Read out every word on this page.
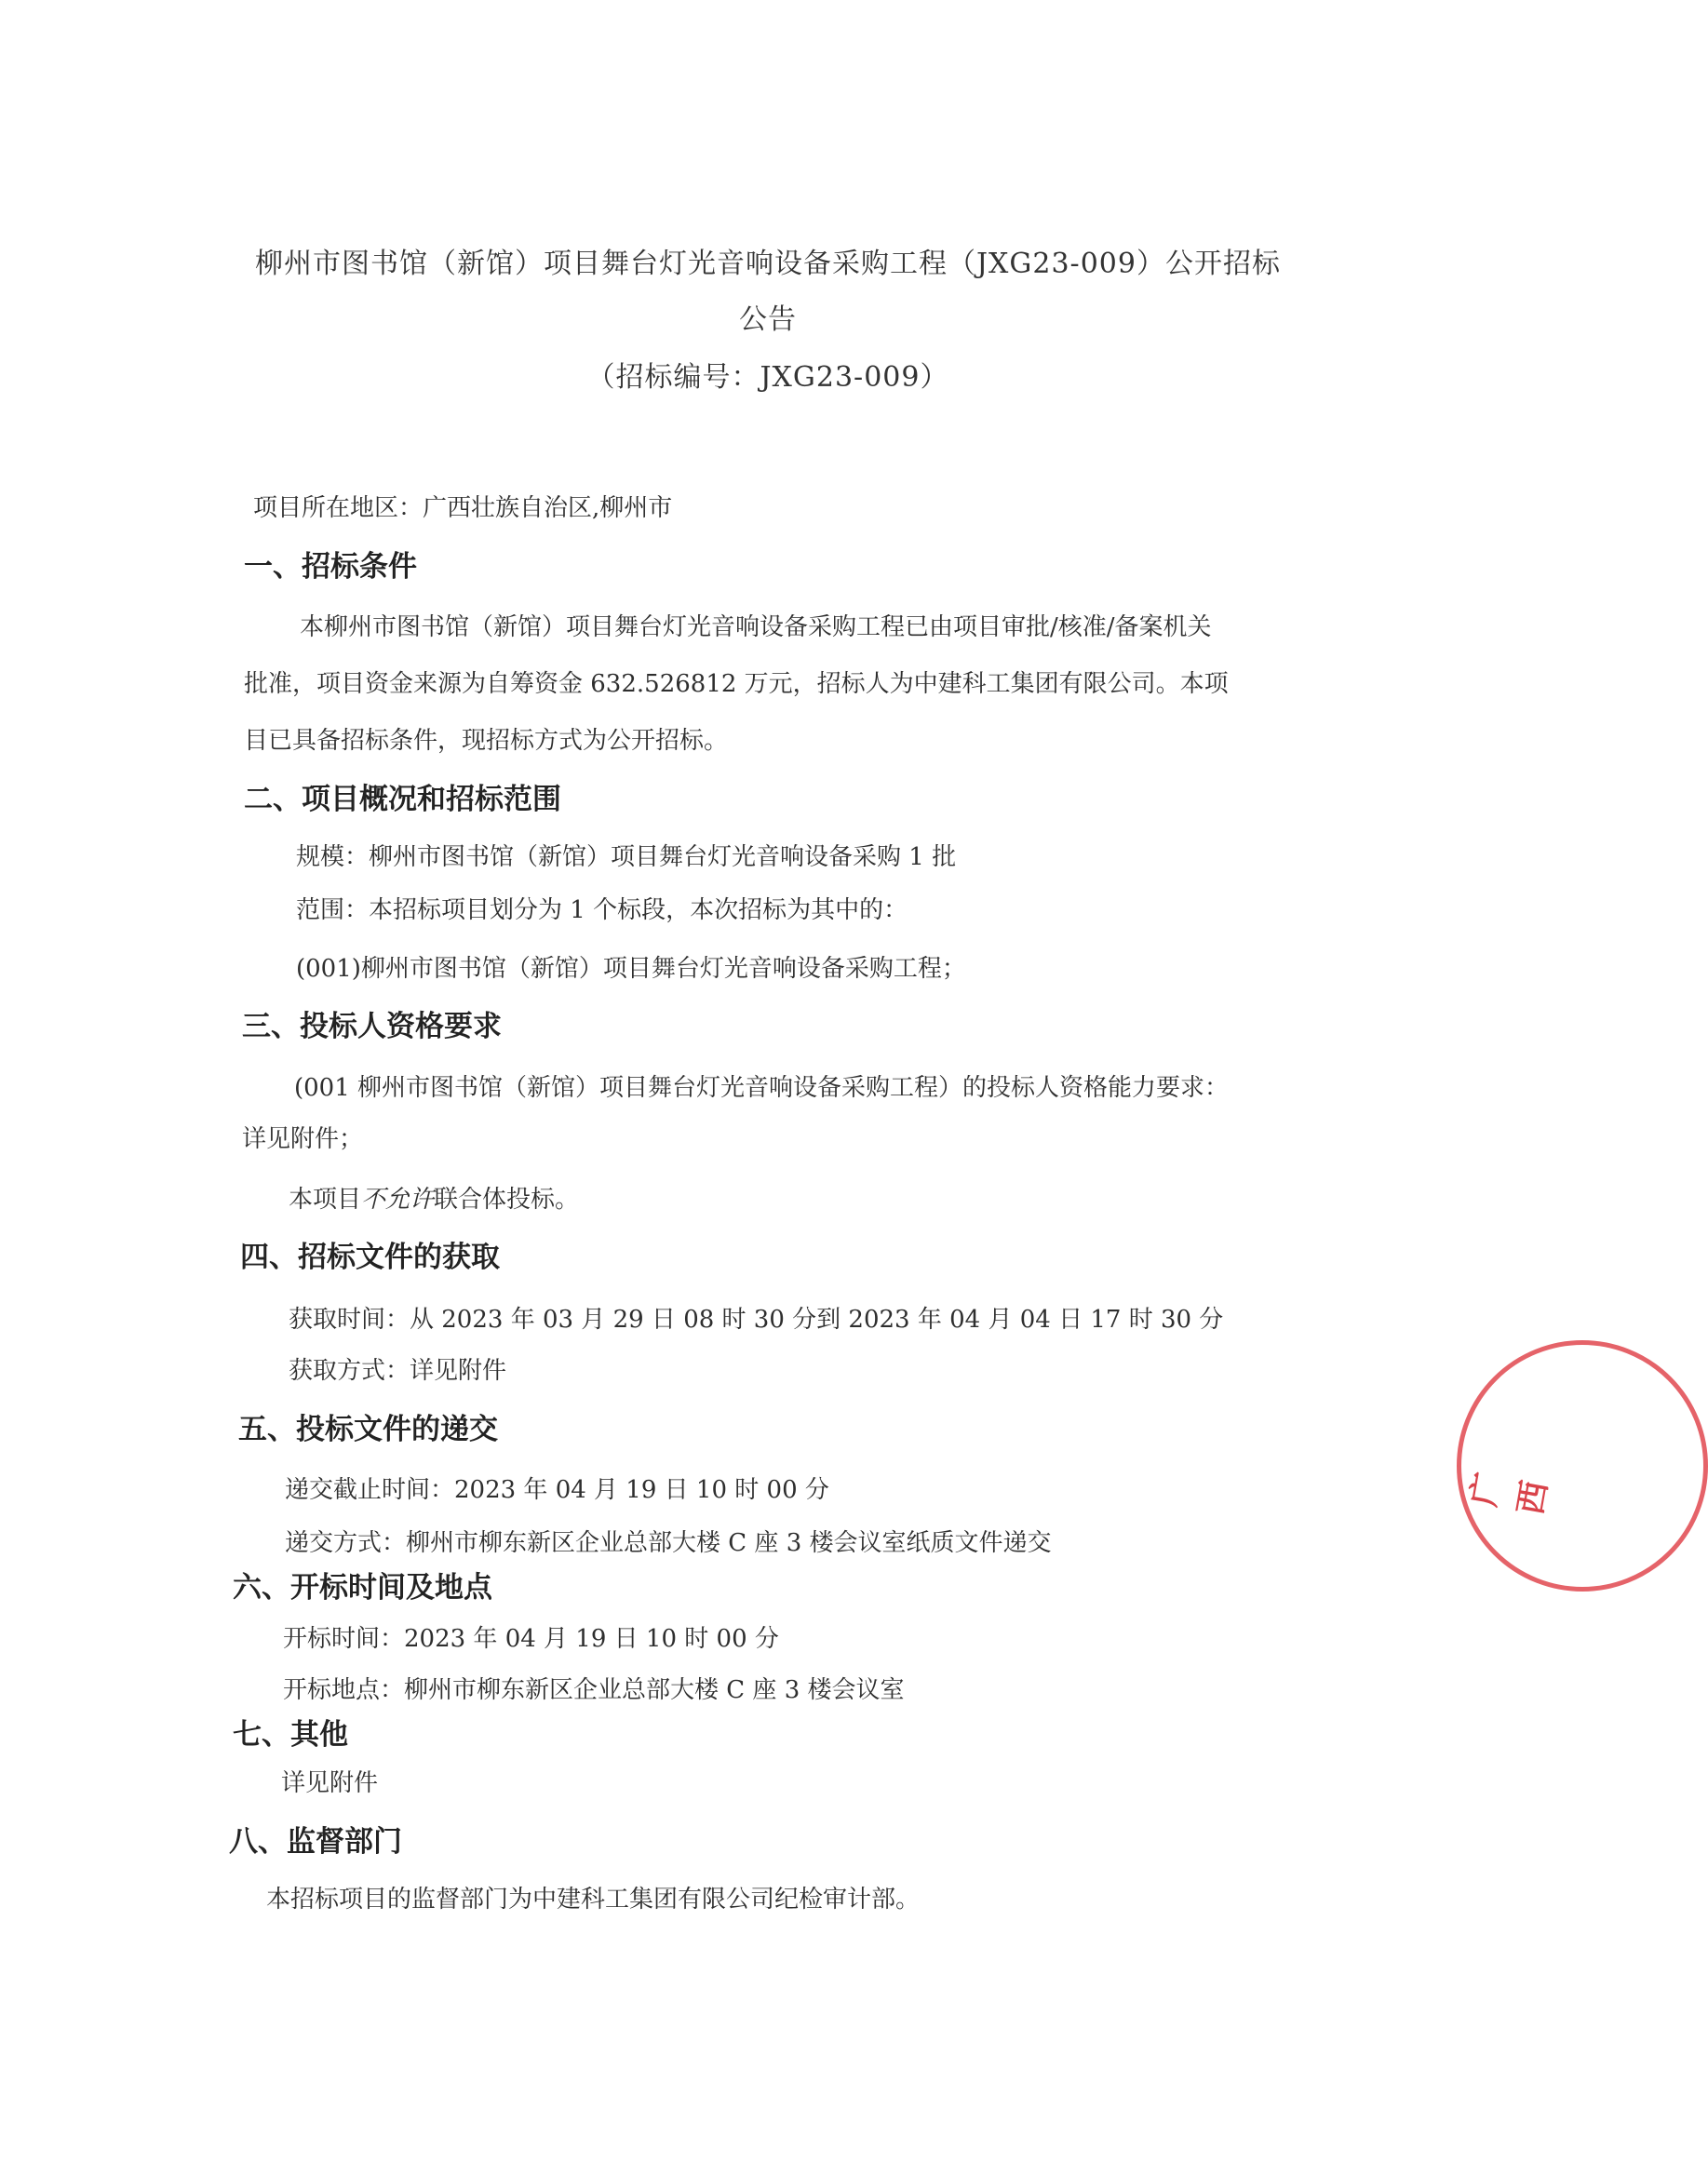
柳州市图书馆（新馆）项目舞台灯光音响设备采购工程（JXG23-009）公开招标
公告
（招标编号：JXG23-009）
项目所在地区：广西壮族自治区,柳州市
一、招标条件
本柳州市图书馆（新馆）项目舞台灯光音响设备采购工程已由项目审批/核准/备案机关
批准，项目资金来源为自筹资金 632.526812 万元，招标人为中建科工集团有限公司。本项
目已具备招标条件，现招标方式为公开招标。
二、项目概况和招标范围
规模：柳州市图书馆（新馆）项目舞台灯光音响设备采购 1 批
范围：本招标项目划分为 1 个标段，本次招标为其中的：
(001)柳州市图书馆（新馆）项目舞台灯光音响设备采购工程；
三、投标人资格要求
(001 柳州市图书馆（新馆）项目舞台灯光音响设备采购工程）的投标人资格能力要求：
详见附件；
本项目不允许联合体投标。
四、招标文件的获取
获取时间：从 2023 年 03 月 29 日 08 时 30 分到 2023 年 04 月 04 日 17 时 30 分
获取方式：详见附件
五、投标文件的递交
递交截止时间：2023 年 04 月 19 日 10 时 00 分
递交方式：柳州市柳东新区企业总部大楼 C 座 3 楼会议室纸质文件递交
六、开标时间及地点
开标时间：2023 年 04 月 19 日 10 时 00 分
开标地点：柳州市柳东新区企业总部大楼 C 座 3 楼会议室
七、其他
详见附件
八、监督部门
本招标项目的监督部门为中建科工集团有限公司纪检审计部。
广西
